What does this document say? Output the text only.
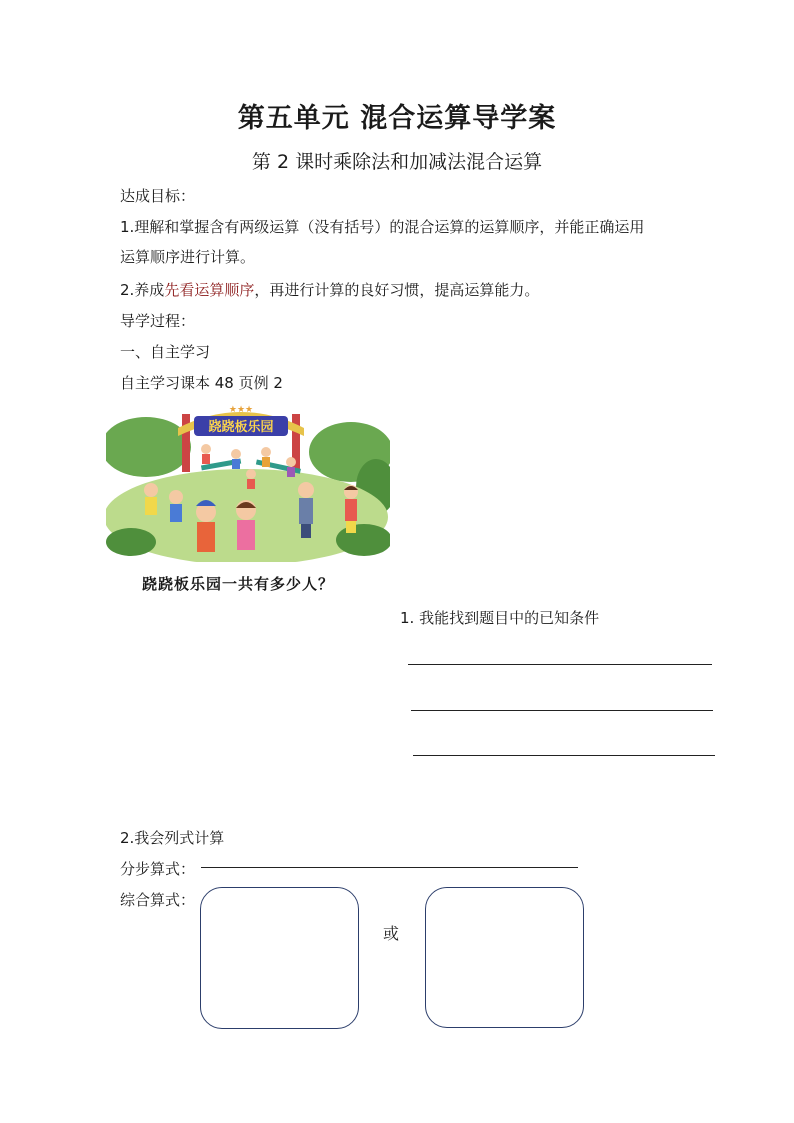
第五单元 混合运算导学案
第 2 课时乘除法和加减法混合运算
达成目标：
1.理解和掌握含有两级运算（没有括号）的混合运算的运算顺序，并能正确运用
运算顺序进行计算。
2.养成先看运算顺序，再进行计算的良好习惯，提高运算能力。
导学过程：
一、自主学习
自主学习课本 48 页例 2
跷跷板乐园
★★★
跷跷板乐园一共有多少人？
1. 我能找到题目中的已知条件
2.我会列式计算
分步算式：
综合算式：
或
